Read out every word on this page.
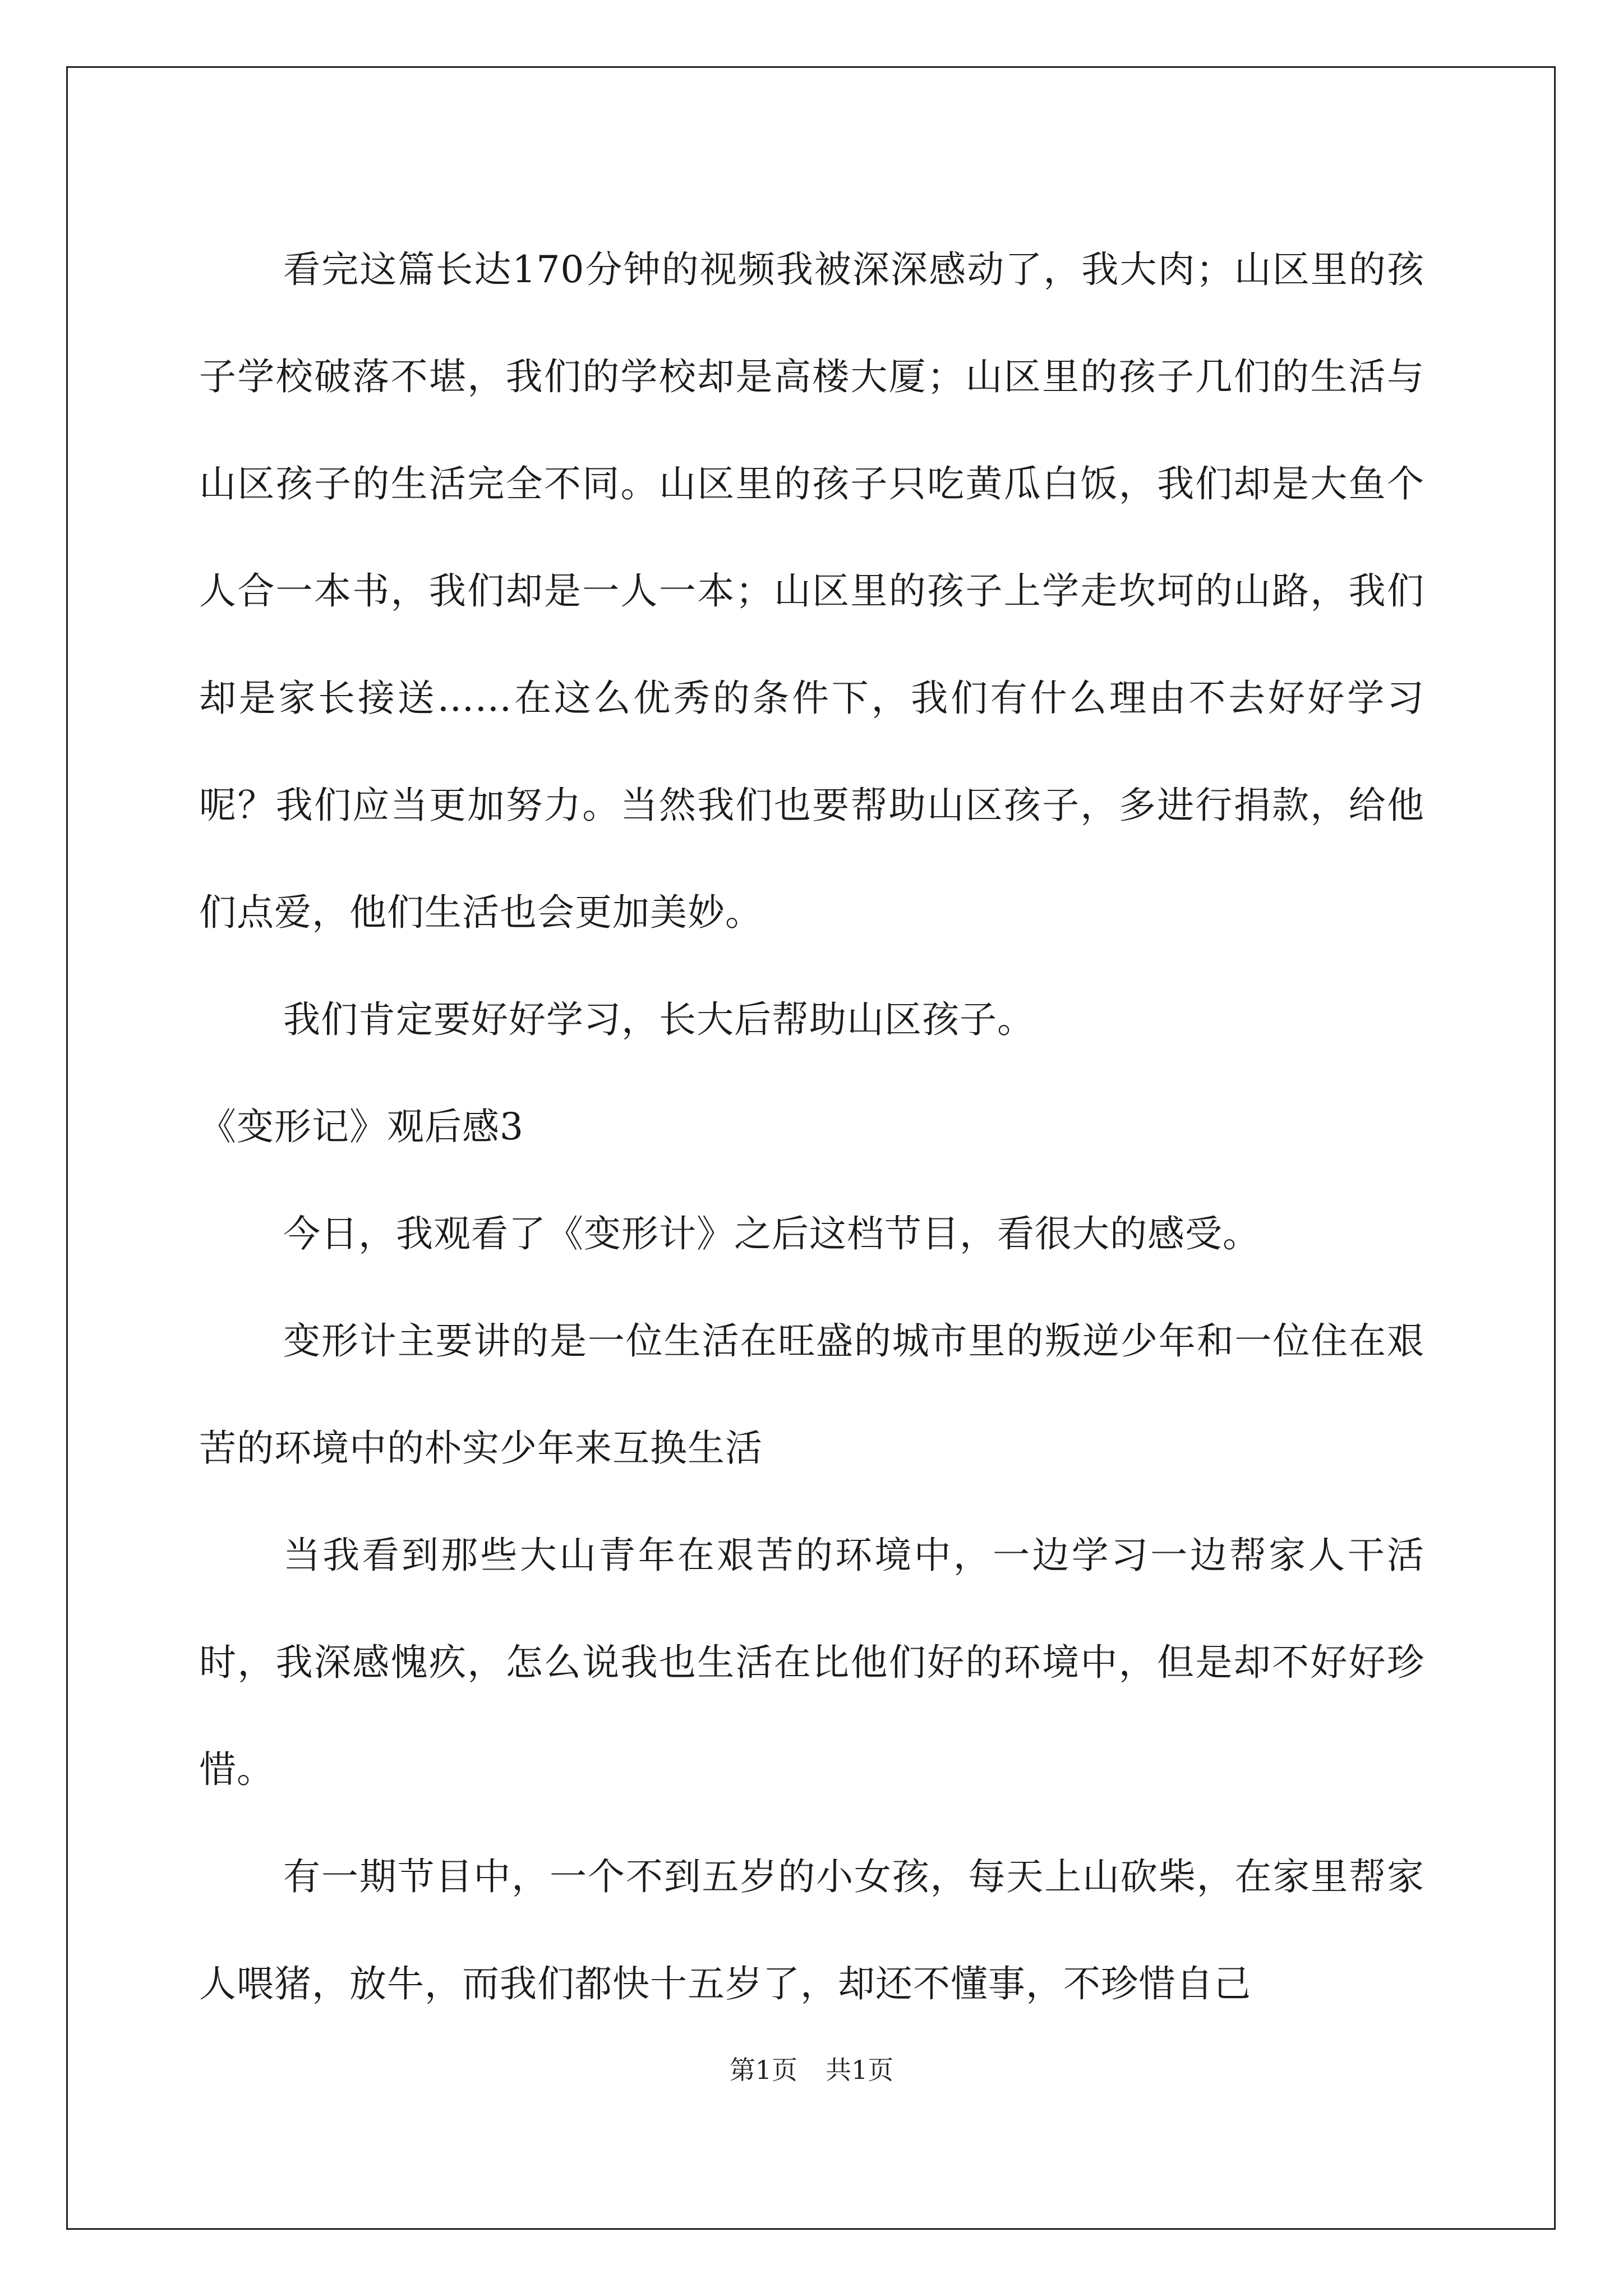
看完这篇长达170分钟的视频我被深深感动了，我大肉；山区里的孩子学校破落不堪，我们的学校却是高楼大厦；山区里的孩子几们的生活与山区孩子的生活完全不同。山区里的孩子只吃黄瓜白饭，我们却是大鱼个人合一本书，我们却是一人一本；山区里的孩子上学走坎坷的山路，我们却是家长接送……在这么优秀的条件下，我们有什么理由不去好好学习呢？我们应当更加努力。当然我们也要帮助山区孩子，多进行捐款，给他们点爱，他们生活也会更加美妙。

我们肯定要好好学习，长大后帮助山区孩子。

《变形记》观后感3

今日，我观看了《变形计》之后这档节目，看很大的感受。

变形计主要讲的是一位生活在旺盛的城市里的叛逆少年和一位住在艰苦的环境中的朴实少年来互换生活

当我看到那些大山青年在艰苦的环境中，一边学习一边帮家人干活时，我深感愧疚，怎么说我也生活在比他们好的环境中，但是却不好好珍惜。

有一期节目中，一个不到五岁的小女孩，每天上山砍柴，在家里帮家人喂猪，放牛，而我们都快十五岁了，却还不懂事，不珍惜自己

第1页 共1页
